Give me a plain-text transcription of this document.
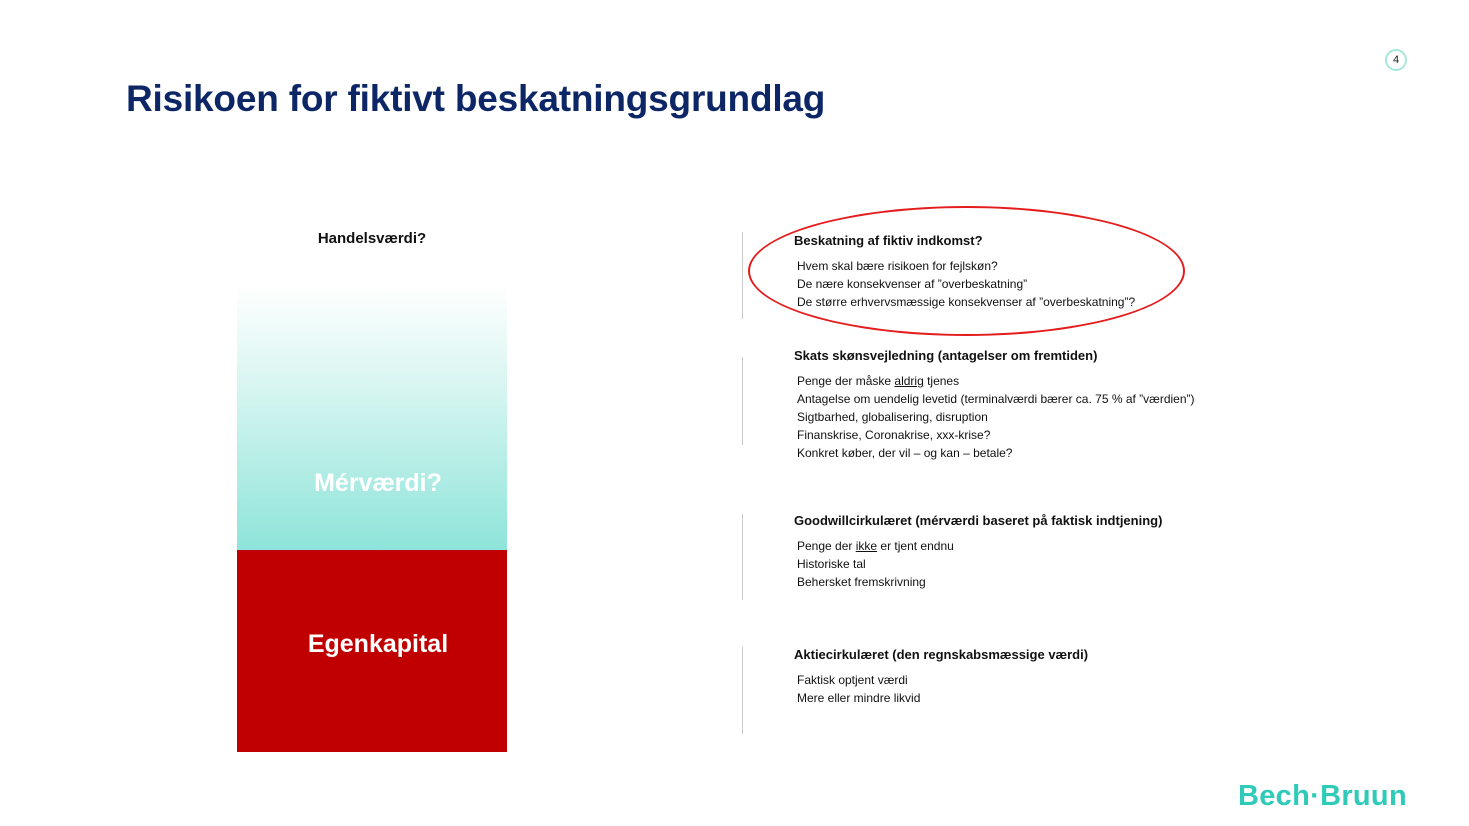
4
Risikoen for fiktivt beskatningsgrundlag
Handelsværdi?
Mérværdi?
Egenkapital

Beskatning af fiktiv indkomst?

Hvem skal bære risikoen for fejlskøn?
De nære konsekvenser af ”overbeskatning”
De større erhvervsmæssige konsekvenser af ”overbeskatning”?

Skats skønsvejledning (antagelser om fremtiden)

Penge der måske aldrig tjenes
Antagelse om uendelig levetid (terminalværdi bærer ca. 75 % af ”værdien”)
Sigtbarhed, globalisering, disruption
Finanskrise, Coronakrise, xxx-krise?
Konkret køber, der vil – og kan – betale?

Goodwillcirkulæret (mérværdi baseret på faktisk indtjening)

Penge der ikke er tjent endnu
Historiske tal
Behersket fremskrivning

Aktiecirkulæret (den regnskabsmæssige værdi)

Faktisk optjent værdi
Mere eller mindre likvid
Bech·Bruun
